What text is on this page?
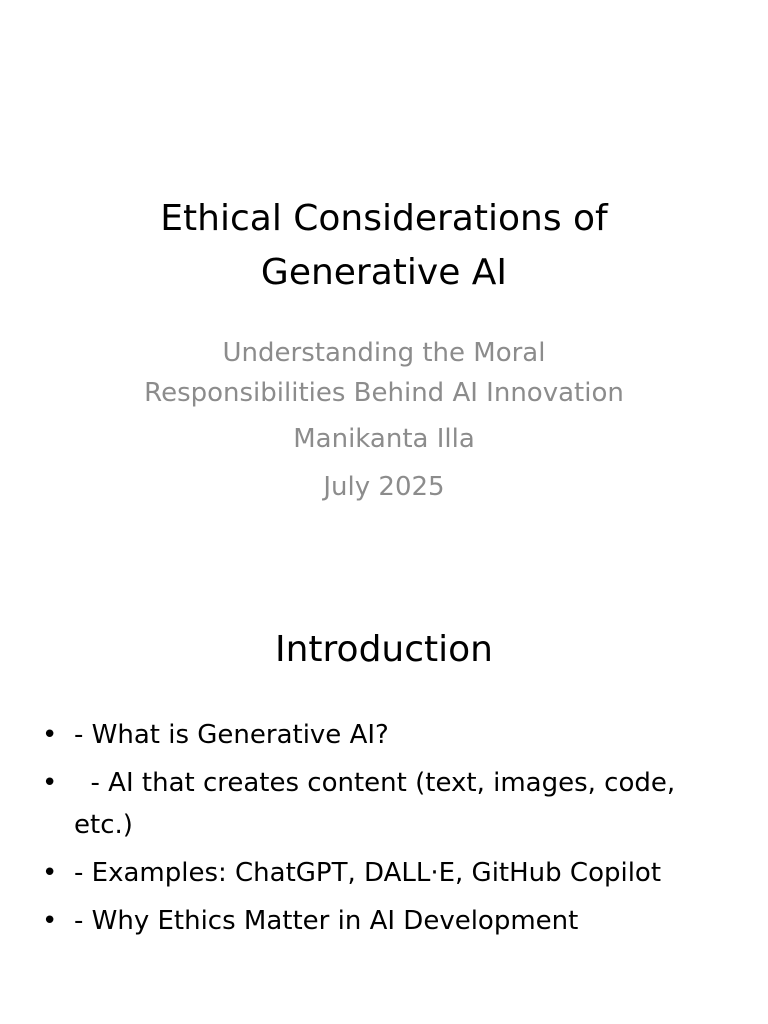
Ethical Considerations of
Generative AI
Understanding the Moral
Responsibilities Behind AI Innovation
Manikanta Illa
July 2025
Introduction
• - What is Generative AI?
• - AI that creates content (text, images, code, etc.)
• - Examples: ChatGPT, DALL·E, GitHub Copilot
• - Why Ethics Matter in AI Development
